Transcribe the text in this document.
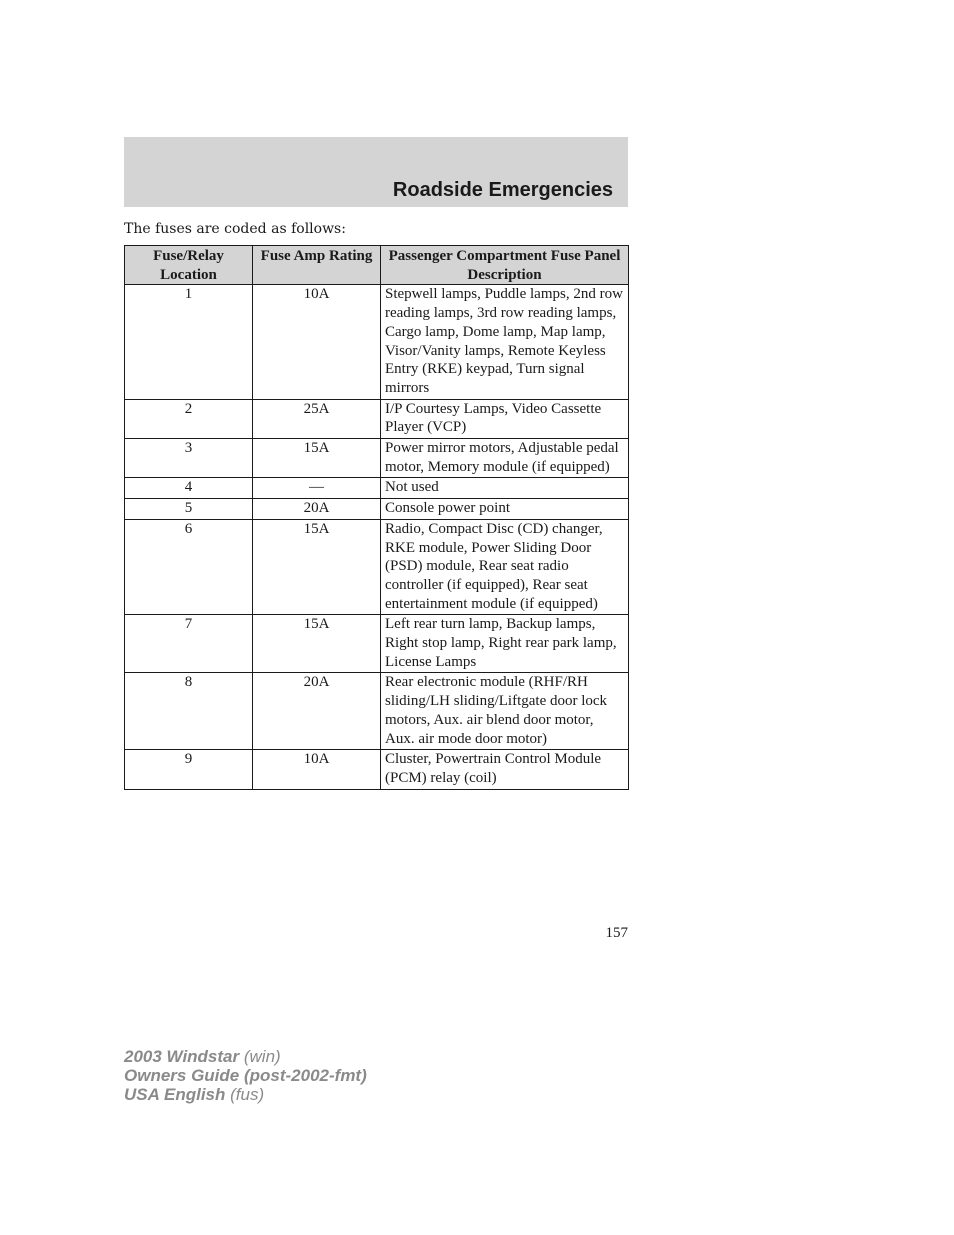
Roadside Emergencies
The fuses are coded as follows:
Fuse/Relay Location	Fuse Amp Rating	Passenger Compartment Fuse Panel Description
1	10A	Stepwell lamps, Puddle lamps, 2nd row reading lamps, 3rd row reading lamps, Cargo lamp, Dome lamp, Map lamp, Visor/Vanity lamps, Remote Keyless Entry (RKE) keypad, Turn signal mirrors
2	25A	I/P Courtesy Lamps, Video Cassette Player (VCP)
3	15A	Power mirror motors, Adjustable pedal motor, Memory module (if equipped)
4	—	Not used
5	20A	Console power point
6	15A	Radio, Compact Disc (CD) changer, RKE module, Power Sliding Door (PSD) module, Rear seat radio controller (if equipped), Rear seat entertainment module (if equipped)
7	15A	Left rear turn lamp, Backup lamps, Right stop lamp, Right rear park lamp, License Lamps
8	20A	Rear electronic module (RHF/RH sliding/LH sliding/Liftgate door lock motors, Aux. air blend door motor, Aux. air mode door motor)
9	10A	Cluster, Powertrain Control Module (PCM) relay (coil)
157
2003 Windstar (win)
Owners Guide (post-2002-fmt)
USA English (fus)
